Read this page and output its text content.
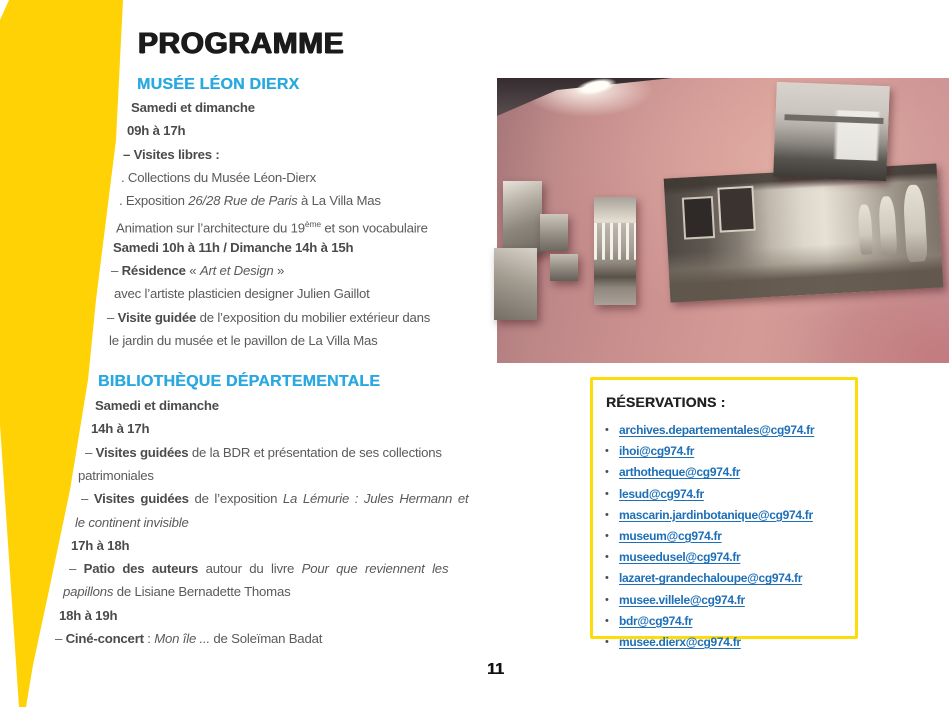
PROGRAMME
MUSÉE LÉON DIERX
Samedi et dimanche
09h à 17h
– Visites libres :
. Collections du Musée Léon-Dierx
. Exposition 26/28 Rue de Paris à La Villa Mas
Animation sur l’architecture du 19ème et son vocabulaire
Samedi 10h à 11h / Dimanche 14h à 15h
– Résidence « Art et Design »
avec l’artiste plasticien designer Julien Gaillot
– Visite guidée de l’exposition du mobilier extérieur dans
le jardin du musée et le pavillon de La Villa Mas
BIBLIOTHÈQUE DÉPARTEMENTALE
Samedi et dimanche
14h à 17h
– Visites guidées de la BDR et présentation de ses collections
patrimoniales
– Visites guidées de l’exposition La Lémurie : Jules Hermann et
le continent invisible
17h à 18h
– Patio des auteurs autour du livre Pour que reviennent les
papillons de Lisiane Bernadette Thomas
18h à 19h
– Ciné-concert : Mon île ... de Soleïman Badat
RÉSERVATIONS :
• archives.departementales@cg974.fr
• ihoi@cg974.fr
• arthotheque@cg974.fr
• lesud@cg974.fr
• mascarin.jardinbotanique@cg974.fr
• museum@cg974.fr
• museedusel@cg974.fr
• lazaret-grandechaloupe@cg974.fr
• musee.villele@cg974.fr
• bdr@cg974.fr
• musee.dierx@cg974.fr
11
